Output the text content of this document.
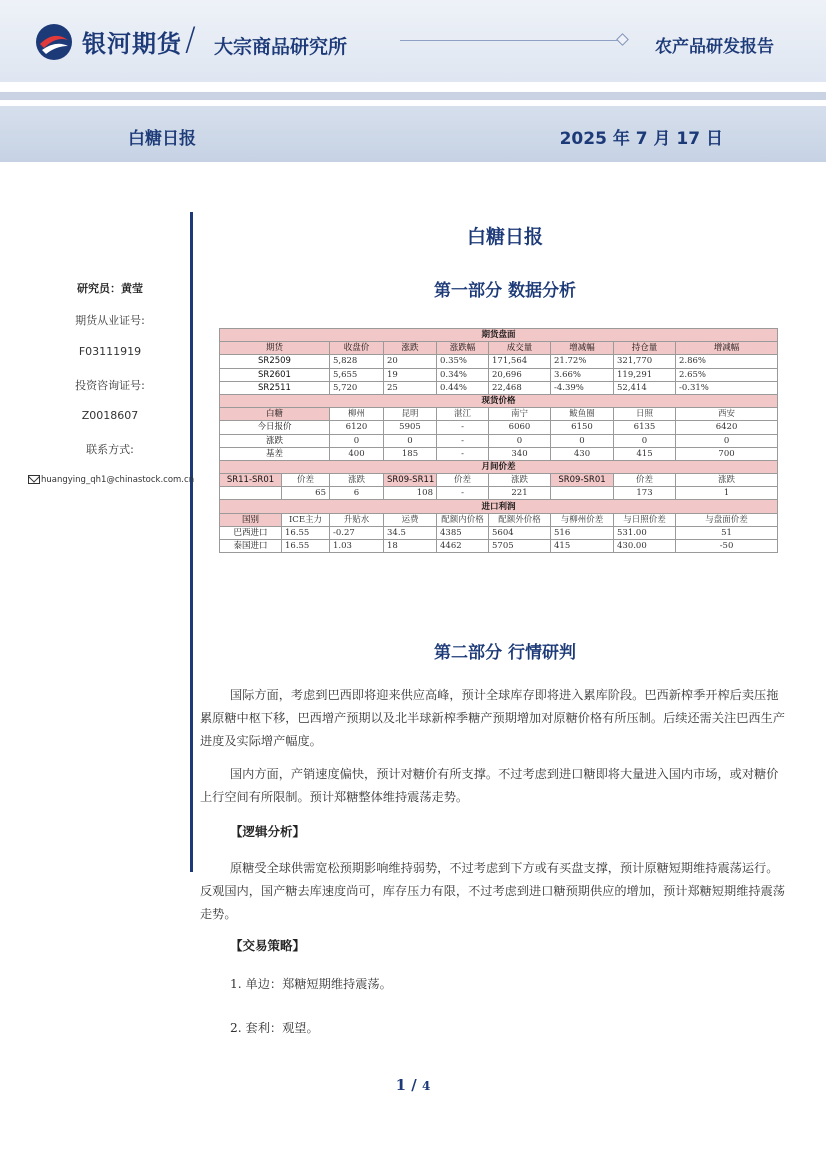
银河期货 / 大宗商品研究所	农产品研发报告
白糖日报	2025 年 7 月 17 日
研究员：黄莹
期货从业证号:
F03111919
投资咨询证号:
Z0018607
联系方式:
huangying_qh1@chinastock.com.cn
白糖日报
第一部分 数据分析
期货盘面								
期货		收盘价	涨跌	涨跌幅	成交量	增减幅	持仓量	增减幅
SR2509		5,828	20	0.35%	171,564	21.72%	321,770	2.86%
SR2601		5,655	19	0.34%	20,696	3.66%	119,291	2.65%
SR2511		5,720	25	0.44%	22,468	-4.39%	52,414	-0.31%
现货价格								
白糖		柳州	昆明	湛江	南宁	鲅鱼圈	日照	西安
今日报价		6120	5905	-	6060	6150	6135	6420
涨跌		0	0	-	0	0	0	0
基差		400	185	-	340	430	415	700
月间价差								
SR11-SR01	价差	涨跌	SR09-SR11	价差	涨跌	SR09-SR01	价差	涨跌
	65	6	108	-	221		173	1
进口利润								
国别	ICE主力	升贴水	运费	配额内价格	配额外价格	与柳州价差	与日照价差	与盘面价差
巴西进口	16.55	-0.27	34.5	4385	5604	516	531.00	51
泰国进口	16.55	1.03	18	4462	5705	415	430.00	-50
第二部分 行情研判
国际方面，考虑到巴西即将迎来供应高峰，预计全球库存即将进入累库阶段。巴西新榨季开榨后卖压拖累原糖中枢下移，巴西增产预期以及北半球新榨季糖产预期增加对原糖价格有所压制。后续还需关注巴西生产进度及实际增产幅度。
国内方面，产销速度偏快，预计对糖价有所支撑。不过考虑到进口糖即将大量进入国内市场，或对糖价上行空间有所限制。预计郑糖整体维持震荡走势。
【逻辑分析】
原糖受全球供需宽松预期影响维持弱势，不过考虑到下方或有买盘支撑，预计原糖短期维持震荡运行。反观国内，国产糖去库速度尚可，库存压力有限，不过考虑到进口糖预期供应的增加，预计郑糖短期维持震荡走势。
【交易策略】
1. 单边：郑糖短期维持震荡。
2. 套利：观望。
1 / 4
